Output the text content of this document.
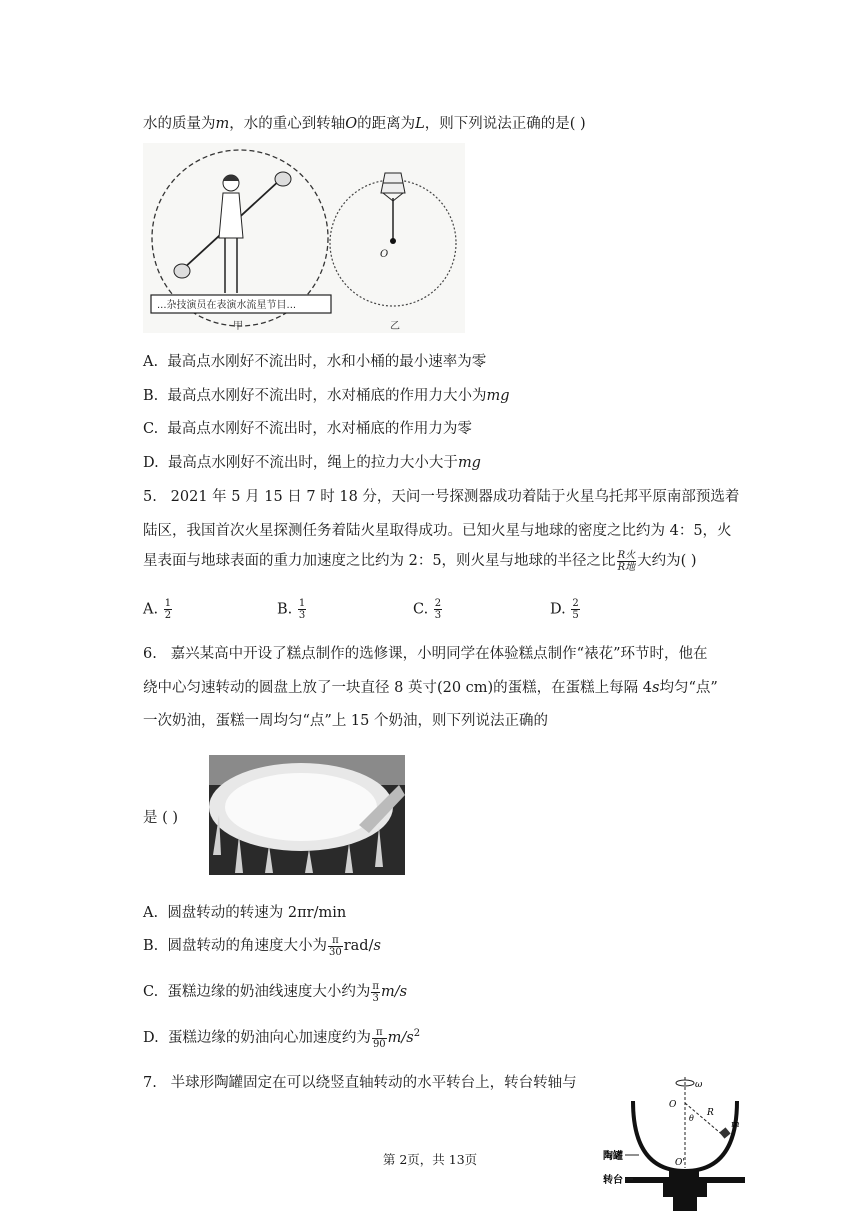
水的质量为m，水的重心到转轴O的距离为L，则下列说法正确的是( )
...杂技演员在表演水流星节目...
甲
O
乙
A. 最高点水刚好不流出时，水和小桶的最小速率为零
B. 最高点水刚好不流出时，水对桶底的作用力大小为mg
C. 最高点水刚好不流出时，水对桶底的作用力为零
D. 最高点水刚好不流出时，绳上的拉力大小大于mg
5. 2021 年 5 月 15 日 7 时 18 分，天问一号探测器成功着陆于火星乌托邦平原南部预选着
陆区，我国首次火星探测任务着陆火星取得成功。已知火星与地球的密度之比约为 4：5，火
星表面与地球表面的重力加速度之比约为 2：5，则火星与地球的半径之比 $\frac{\text{R火}}{\text{R地}}$ 大约为( )
A. $\frac{1}{2}$	B. $\frac{1}{3}$	C. $\frac{2}{3}$	D. $\frac{2}{5}$
6. 嘉兴某高中开设了糕点制作的选修课，小明同学在体验糕点制作“裱花”环节时，他在
绕中心匀速转动的圆盘上放了一块直径 8 英寸(20 cm)的蛋糕，在蛋糕上每隔 4s均匀“点”
一次奶油，蛋糕一周均匀“点”上 15 个奶油，则下列说法正确的
是 ( )
A. 圆盘转动的转速为 2πr/min
B. 圆盘转动的角速度大小为 $\frac{\pi}{30} rad/s$
C. 蛋糕边缘的奶油线速度大小约为 $\frac{\pi}{3} m/s$
D. 蛋糕边缘的奶油向心加速度约为 $\frac{\pi}{90} m/s^2$
7. 半球形陶罐固定在可以绕竖直轴转动的水平转台上，转台转轴与	ω
O
R
θ
m
O'
陶罐
转台
第 2页，共 13页
